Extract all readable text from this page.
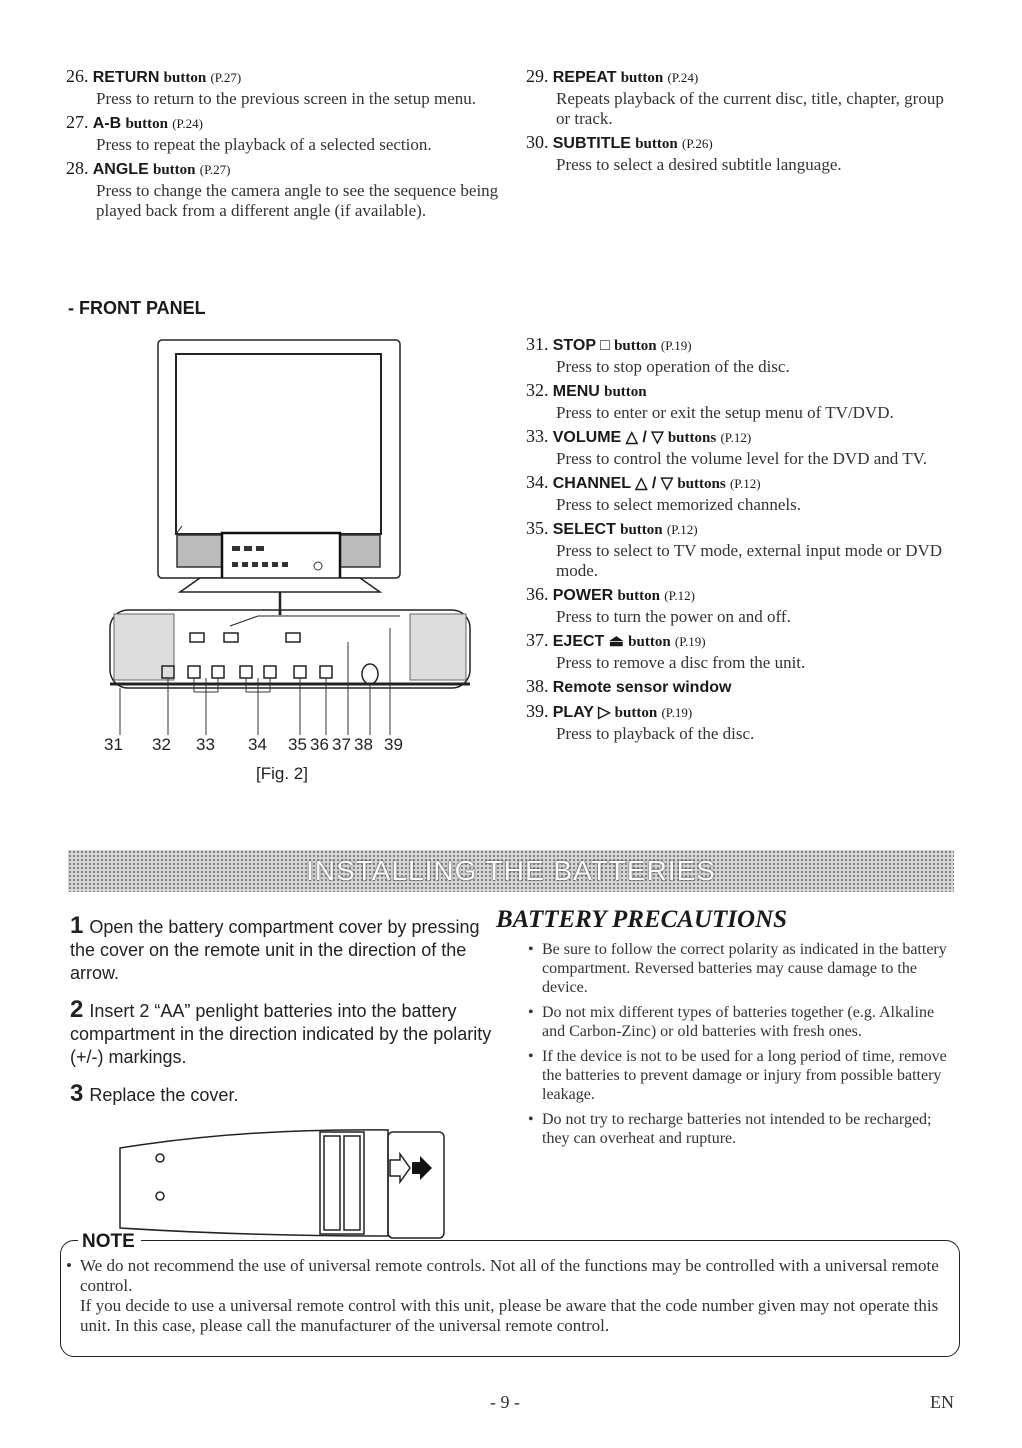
26. RETURN button (P.27)
Press to return to the previous screen in the setup menu.
27. A-B button (P.24)
Press to repeat the playback of a selected section.
28. ANGLE button (P.27)
Press to change the camera angle to see the sequence being played back from a different angle (if available).
29. REPEAT button (P.24)
Repeats playback of the current disc, title, chapter, group or track.
30. SUBTITLE button (P.26)
Press to select a desired subtitle language.
- FRONT PANEL
31 32 33 34 35 36 37 38 39
[Fig. 2]
31. STOP □ button (P.19)
Press to stop operation of the disc.
32. MENU button
Press to enter or exit the setup menu of TV/DVD.
33. VOLUME △ / ▽ buttons (P.12)
Press to control the volume level for the DVD and TV.
34. CHANNEL △ / ▽ buttons (P.12)
Press to select memorized channels.
35. SELECT button (P.12)
Press to select to TV mode, external input mode or DVD mode.
36. POWER button (P.12)
Press to turn the power on and off.
37. EJECT ⏏ button (P.19)
Press to remove a disc from the unit.
38. Remote sensor window
39. PLAY ▷ button (P.19)
Press to playback of the disc.
INSTALLING THE BATTERIES
1 Open the battery compartment cover by pressing the cover on the remote unit in the direction of the arrow.
2 Insert 2 “AA” penlight batteries into the battery compartment in the direction indicated by the polarity (+/-) markings.
3 Replace the cover.
BATTERY PRECAUTIONS
• Be sure to follow the correct polarity as indicated in the battery compartment. Reversed batteries may cause damage to the device.
• Do not mix different types of batteries together (e.g. Alkaline and Carbon-Zinc) or old batteries with fresh ones.
• If the device is not to be used for a long period of time, remove the batteries to prevent damage or injury from possible battery leakage.
• Do not try to recharge batteries not intended to be recharged; they can overheat and rupture.
NOTE
• We do not recommend the use of universal remote controls. Not all of the functions may be controlled with a universal remote control.
If you decide to use a universal remote control with this unit, please be aware that the code number given may not operate this unit. In this case, please call the manufacturer of the universal remote control.
- 9 -	EN
